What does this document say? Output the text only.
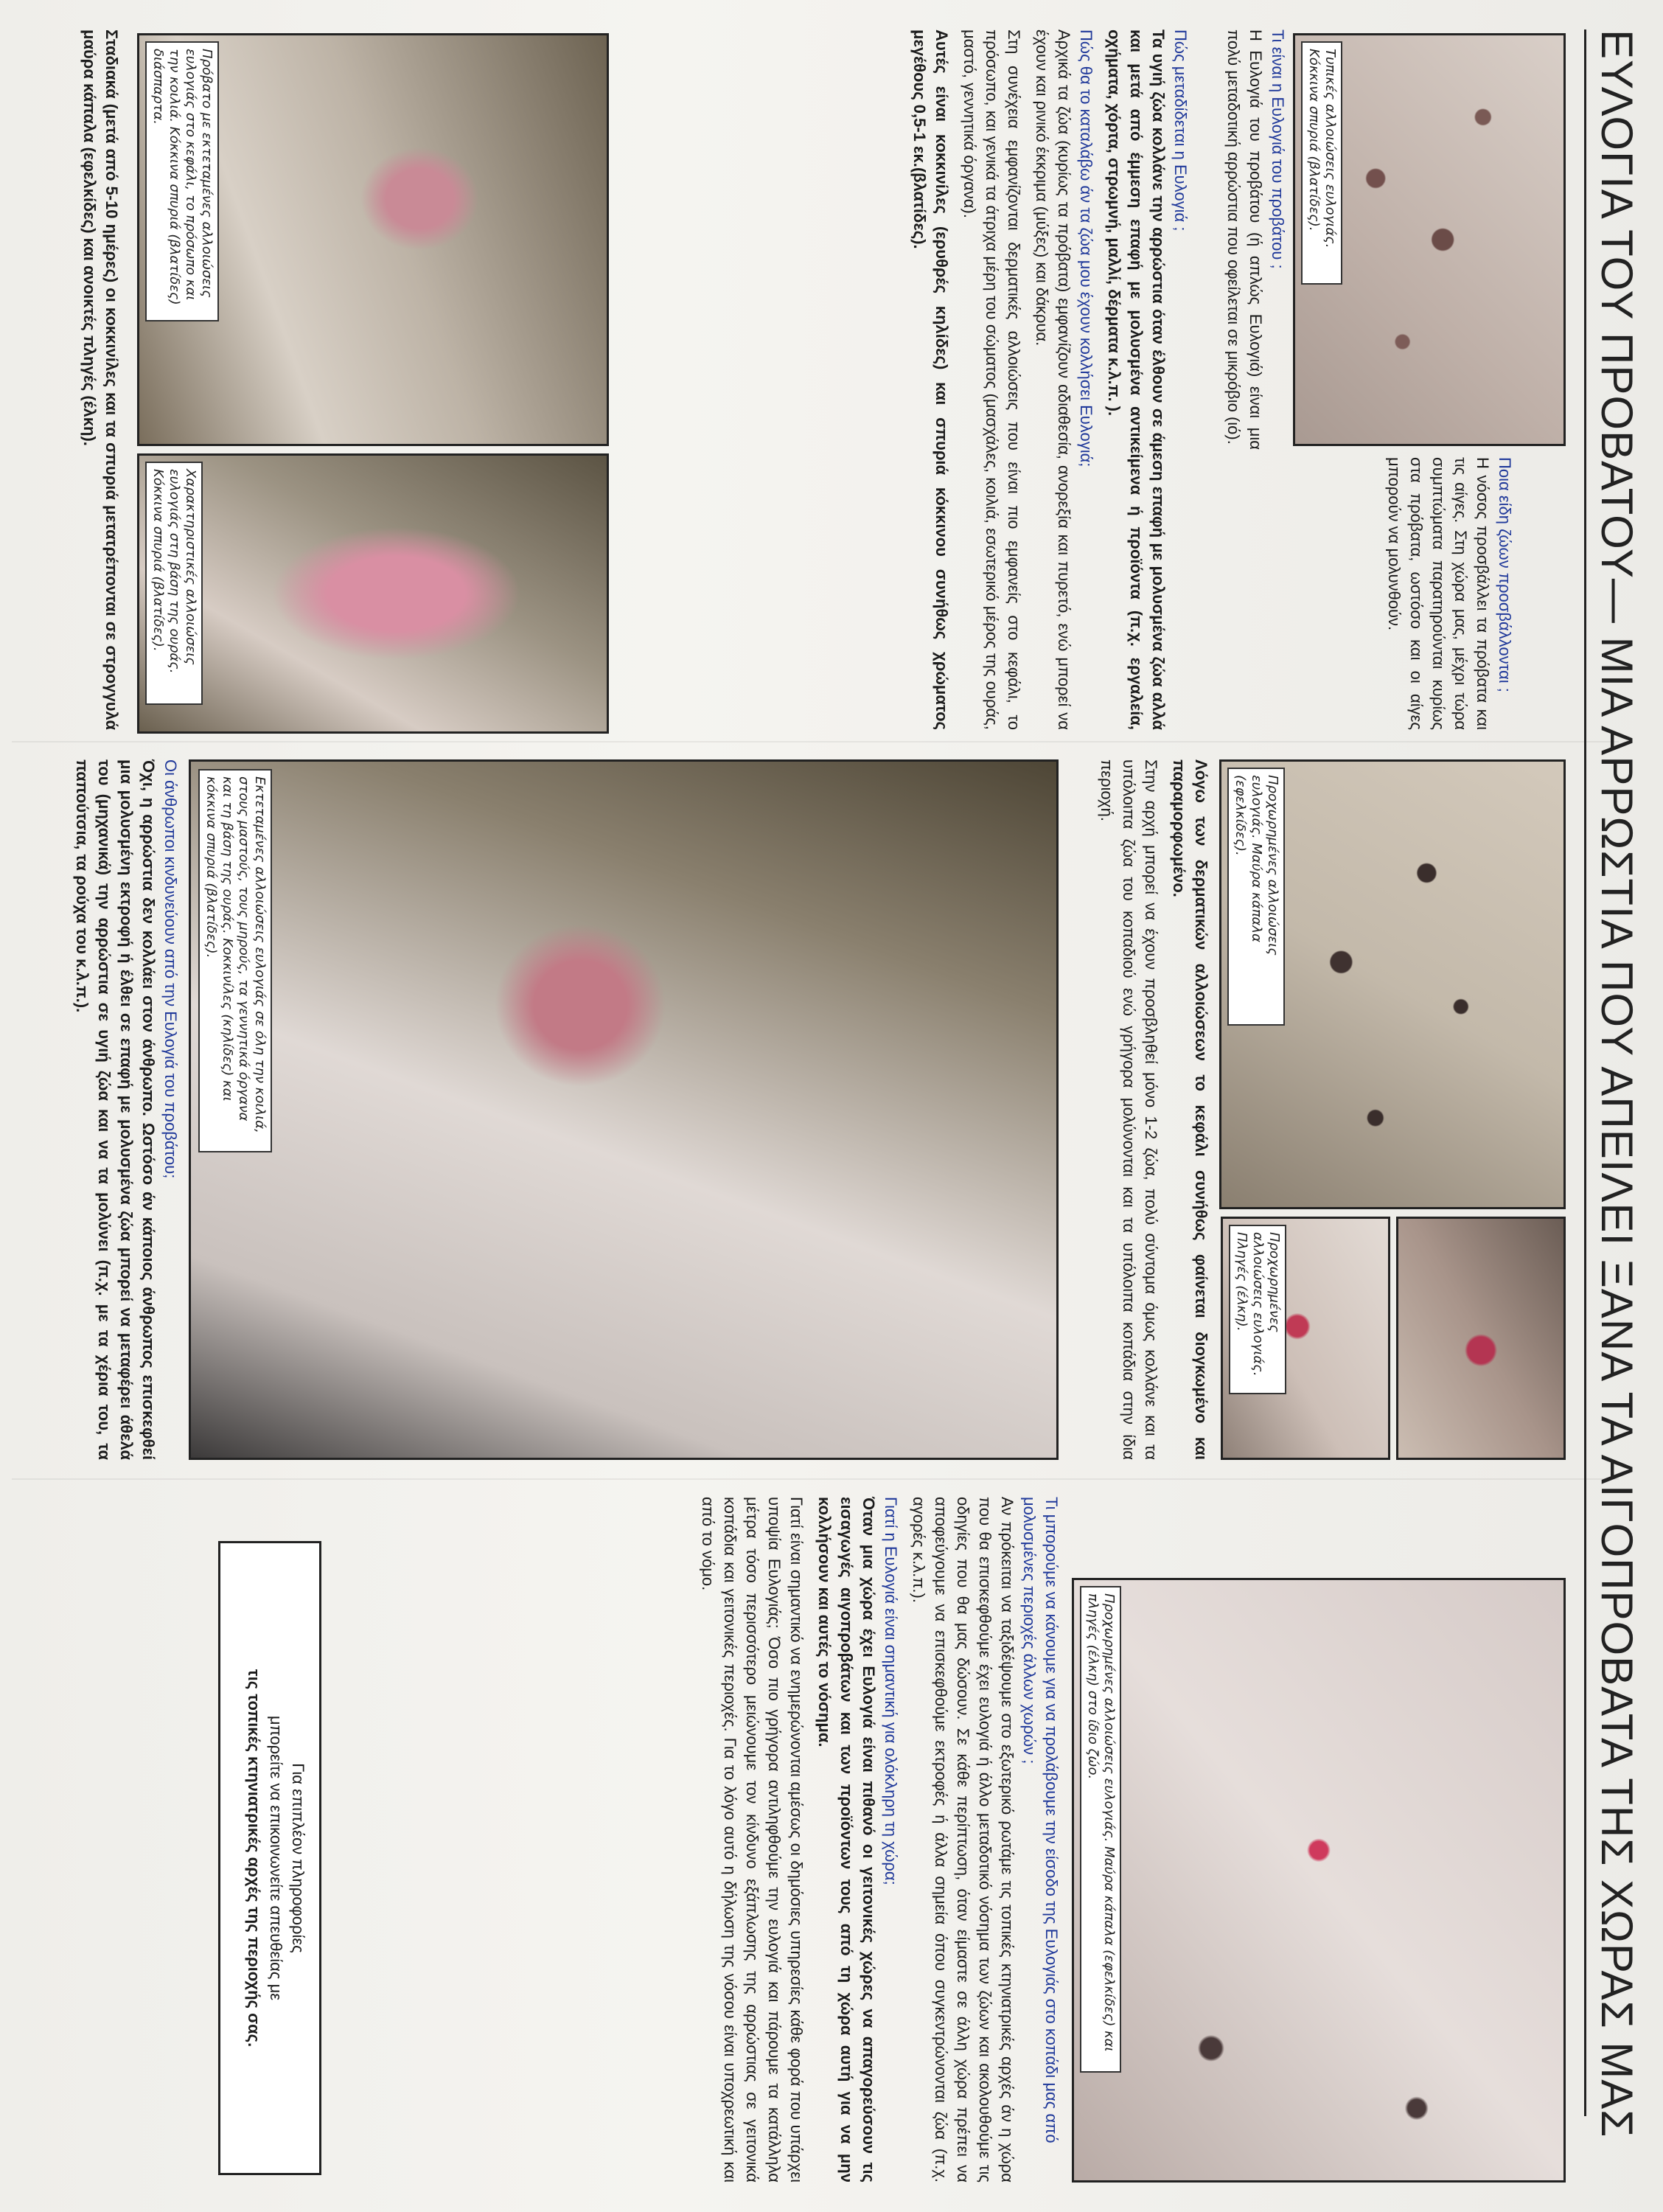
ΕΥΛΟΓΙΑ ΤΟΥ ΠΡΟΒΑΤΟΥ— ΜΙΑ ΑΡΡΩΣΤΙΑ ΠΟΥ ΑΠΕΙΛΕΙ ΞΑΝΑ ΤΑ ΑΙΓΟΠΡΟΒΑΤΑ ΤΗΣ ΧΩΡΑΣ ΜΑΣ
Τυπικές αλλοιώσεις ευλογιάς. Κόκκινα σπυριά (βλατίδες).

Τι είναι η Ευλογιά του προβάτου ;

Η Ευλογιά του προβάτου (ή απλώς Ευλογιά) είναι μια πολύ μεταδοτική αρρώστια που οφείλεται σε μικρόβιο (ιό).

Ποια είδη ζώων προσβάλλονται ;

Η νόσος προσβάλλει τα πρόβατα και τις αίγες. Στη χώρα μας, μέχρι τώρα συμπτώματα παρατηρούνται κυρίως στα πρόβατα, ωστόσο και οι αίγες μπορούν να μολυνθούν.

Πώς μεταδίδεται η Ευλογιά ;

Τα υγιή ζώα κολλάνε την αρρώστια όταν έλθουν σε άμεση επαφή με μολυσμένα ζώα αλλά και μετά από έμμεση επαφή με μολυσμένα αντικείμενα ή προϊόντα (π.χ. εργαλεία, οχήματα, χόρτα, στρωμνή, μαλλί, δέρματα κ.λ.π. ).

Πώς θα το καταλάβω άν τα ζώα μου έχουν κολλήσει Ευλογιά;

Αρχικά τα ζώα (κυρίως τα πρόβατα) εμφανίζουν αδιαθεσία, ανορεξία και πυρετό, ενώ μπορεί να έχουν και ρινικό έκκριμα (μύξες) και δάκρυα.

Στη συνέχεια εμφανίζονται δερματικές αλλοιώσεις που είναι πιο εμφανείς στο κεφάλι, το πρόσωπο, και γενικά τα άτριχα μέρη του σώματος (μασχάλες, κοιλιά, εσωτερικό μέρος της ουράς, μαστό, γεννητικά όργανα).

Αυτές είναι κοκκινίλες (ερυθρές κηλίδες) και σπυριά κόκκινου συνήθως χρώματος μεγέθους 0,5-1 εκ.(βλατίδες).

Πρόβατο με εκτεταμένες αλλοιώσεις ευλογιάς στο κεφάλι, το πρόσωπο και την κοιλιά. Κόκκινα σπυριά (βλατίδες) διάσπαρτα.
Χαρακτηριστικές αλλοιώσεις ευλογιάς στη βάση της ουράς. Κόκκινα σπυριά (βλατίδες).

Σταδιακά (μετά από 5-10 ημέρες) οι κοκκινίλες και τα σπυριά μετατρέπονται σε στρογγυλά μαύρα κάπαλα (εφελκίδες) και ανοικτές πληγές (έλκη).

Προχωρημένες αλλοιώσεις ευλογιάς. Μαύρα κάπαλα (εφελκίδες).
Προχωρημένες αλλοιώσεις ευλογιάς. Πληγές (έλκη).

Λόγω των δερματικών αλλοιώσεων το κεφάλι συνήθως φαίνεται διογκωμένο και παραμορφωμένο.

Στην αρχή μπορεί να έχουν προσβληθεί μόνο 1-2 ζώα, πολύ σύντομα όμως κολλάνε και τα υπόλοιπα ζώα του κοπαδιού ενώ γρήγορα μολύνονται και τα υπόλοιπα κοπάδια στην ίδια περιοχή.

Εκτεταμένες αλλοιώσεις ευλογιάς σε όλη την κοιλιά, στους μαστούς, τους μηρούς, τα γεννητικά όργανα και τη βάση της ουράς. Κοκκινίλες (κηλίδες) και κόκκινα σπυριά (βλατίδες).

Οι άνθρωποι κινδυνεύουν από την Ευλογιά του προβάτου;

Όχι, η αρρώστια δεν κολλάει στον άνθρωπο. Ωστόσο άν κάποιος άνθρωπος επισκεφθεί μια μολυσμένη εκτροφή ή έλθει σε επαφή με μολυσμένα ζώα μπορεί να μεταφέρει άθελά του (μηχανικά) την αρρώστια σε υγιή ζώα και να τα μολύνει (π.χ. με τα χέρια του, τα παπούτσια, τα ρούχα του κ.λ.π.).

Προχωρημένες αλλοιώσεις ευλογιάς. Μαύρα κάπαλα (εφελκίδες) και πληγές (έλκη) στο ίδιο ζώο.

Τι μπορούμε να κάνουμε για να προλάβουμε την είσοδο της Ευλογιάς στο κοπάδι μας από μολυσμένες περιοχές άλλων χωρών ;

Αν πρόκειται να ταξιδέψουμε στο εξωτερικό ρωτάμε τις τοπικές κτηνιατρικές αρχές άν η χώρα που θα επισκεφθούμε έχει ευλογιά ή άλλο μεταδοτικό νόσημα των ζώων και ακολουθούμε τις οδηγίες που θα μας δώσουν. Σε κάθε περίπτωση, όταν είμαστε σε άλλη χώρα πρέπει να αποφεύγουμε να επισκεφθούμε εκτροφές ή άλλα σημεία όπου συγκεντρώνονται ζώα (π.χ. αγορές κ.λ.π.).

Γιατί η Ευλογιά είναι σημαντική για ολόκληρη τη χώρα;

Όταν μια χώρα έχει Ευλογιά είναι πιθανό οι γειτονικές χώρες να απαγορεύσουν τις εισαγωγές αιγοπροβάτων και των προϊόντων τους από τη χώρα αυτή για να μην κολλήσουν και αυτές το νόσημα.

Γιατί είναι σημαντικό να ενημερώνονται αμέσως οι δημόσιες υπηρεσίες κάθε φορά που υπάρχει υποψία Ευλογιάς; Όσο πιο γρήγορα αντιληφθούμε την ευλογιά και πάρουμε τα κατάλληλα μέτρα τόσο περισσότερο μειώνουμε τον κίνδυνο εξάπλωσης της αρρώστιας σε γειτονικά κοπάδια και γειτονικές περιοχές. Για το λόγο αυτό η δήλωση της νόσου είναι υποχρεωτική και από το νόμο.

Για επιπλέον πληροφορίες
μπορείτε να επικοινωνείτε απευθείας με
τις τοπικές κτηνιατρικές αρχές της περιοχής σας.
